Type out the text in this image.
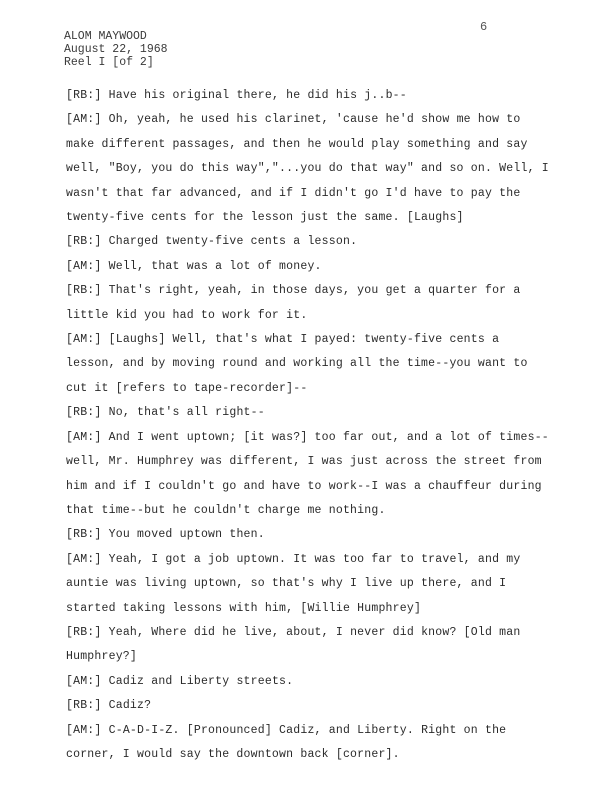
6
ALOM MAYWOOD
August 22, 1968
Reel I [of 2]

[RB:] Have his original there, he did his j..b--

[AM:] Oh, yeah, he used his clarinet, 'cause he'd show me how to make different passages, and then he would play something and say well, "Boy, you do this way","...you do that way" and so on. Well, I wasn't that far advanced, and if I didn't go I'd have to pay the twenty-five cents for the lesson just the same. [Laughs]

[RB:] Charged twenty-five cents a lesson.

[AM:] Well, that was a lot of money.

[RB:] That's right, yeah, in those days, you get a quarter for a little kid you had to work for it.

[AM:] [Laughs] Well, that's what I payed: twenty-five cents a lesson, and by moving round and working all the time--you want to cut it [refers to tape-recorder]--

[RB:] No, that's all right--

[AM:] And I went uptown; [it was?] too far out, and a lot of times--well, Mr. Humphrey was different, I was just across the street from him and if I couldn't go and have to work--I was a chauffeur during that time--but he couldn't charge me nothing.

[RB:] You moved uptown then.

[AM:] Yeah, I got a job uptown. It was too far to travel, and my auntie was living uptown, so that's why I live up there, and I started taking lessons with him, [Willie Humphrey]

[RB:] Yeah, Where did he live, about, I never did know? [Old man Humphrey?]

[AM:] Cadiz and Liberty streets.

[RB:] Cadiz?

[AM:] C-A-D-I-Z. [Pronounced] Cadiz, and Liberty. Right on the corner, I would say the downtown back [corner].
